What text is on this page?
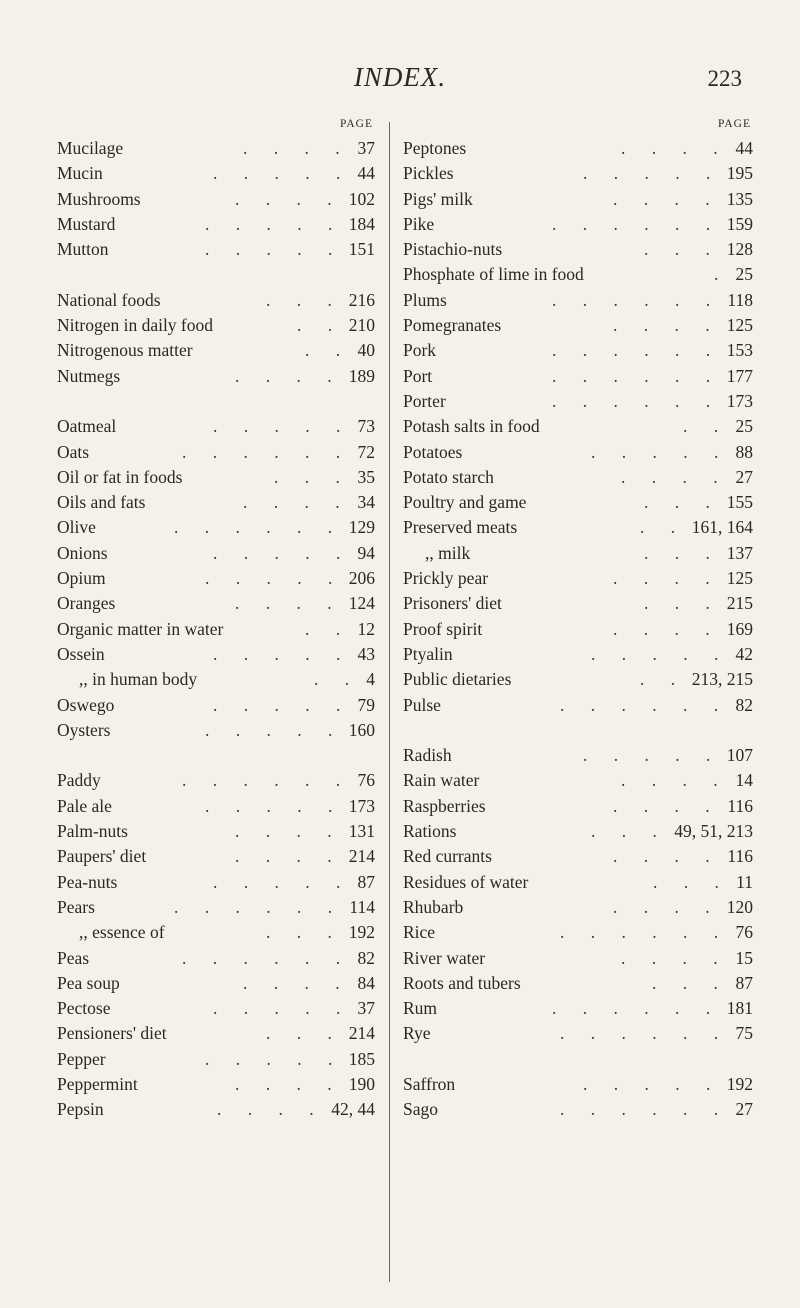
INDEX.	223
PAGE
Mucilage	. . . . 37
Mucin	. . . . . 44
Mushrooms	. . . . 102
Mustard	. . . . . 184
Mutton	. . . . . 151
National foods	. . . 216
Nitrogen in daily food	. . 210
Nitrogenous matter	. . 40
Nutmegs	. . . . 189
Oatmeal	. . . . . 73
Oats	. . . . . . 72
Oil or fat in foods	. . . 35
Oils and fats	. . . . 34
Olive	. . . . . . 129
Onions	. . . . . 94
Opium	. . . . . 206
Oranges	. . . . 124
Organic matter in water	. . 12
Ossein	. . . . . 43
,, in human body	. . 4
Oswego	. . . . . 79
Oysters	. . . . . 160
Paddy	. . . . . . 76
Pale ale	. . . . . 173
Palm-nuts	. . . . 131
Paupers' diet	. . . . 214
Pea-nuts	. . . . . 87
Pears	. . . . . . 114
,, essence of	. . . 192
Peas	. . . . . . 82
Pea soup	. . . . 84
Pectose	. . . . . 37
Pensioners' diet	. . . 214
Pepper	. . . . . 185
Peppermint	. . . . 190
Pepsin	. . . . 42, 44
PAGE
Peptones	. . . . 44
Pickles	. . . . . 195
Pigs' milk	. . . . 135
Pike	. . . . . . 159
Pistachio-nuts	. . . 128
Phosphate of lime in food	. 25
Plums	. . . . . . 118
Pomegranates	. . . . 125
Pork	. . . . . . 153
Port	. . . . . . 177
Porter	. . . . . . 173
Potash salts in food	. . 25
Potatoes	. . . . . 88
Potato starch	. . . . 27
Poultry and game	. . . 155
Preserved meats	. . 161, 164
,, milk	. . . 137
Prickly pear	. . . . 125
Prisoners' diet	. . . 215
Proof spirit	. . . . 169
Ptyalin	. . . . . 42
Public dietaries	. . 213, 215
Pulse	. . . . . . 82
Radish	. . . . . 107
Rain water	. . . . 14
Raspberries	. . . . 116
Rations	. . . 49, 51, 213
Red currants	. . . . 116
Residues of water	. . . 11
Rhubarb	. . . . 120
Rice	. . . . . . 76
River water	. . . . 15
Roots and tubers	. . . 87
Rum	. . . . . . 181
Rye	. . . . . . 75
Saffron	. . . . . 192
Sago	. . . . . . 27
